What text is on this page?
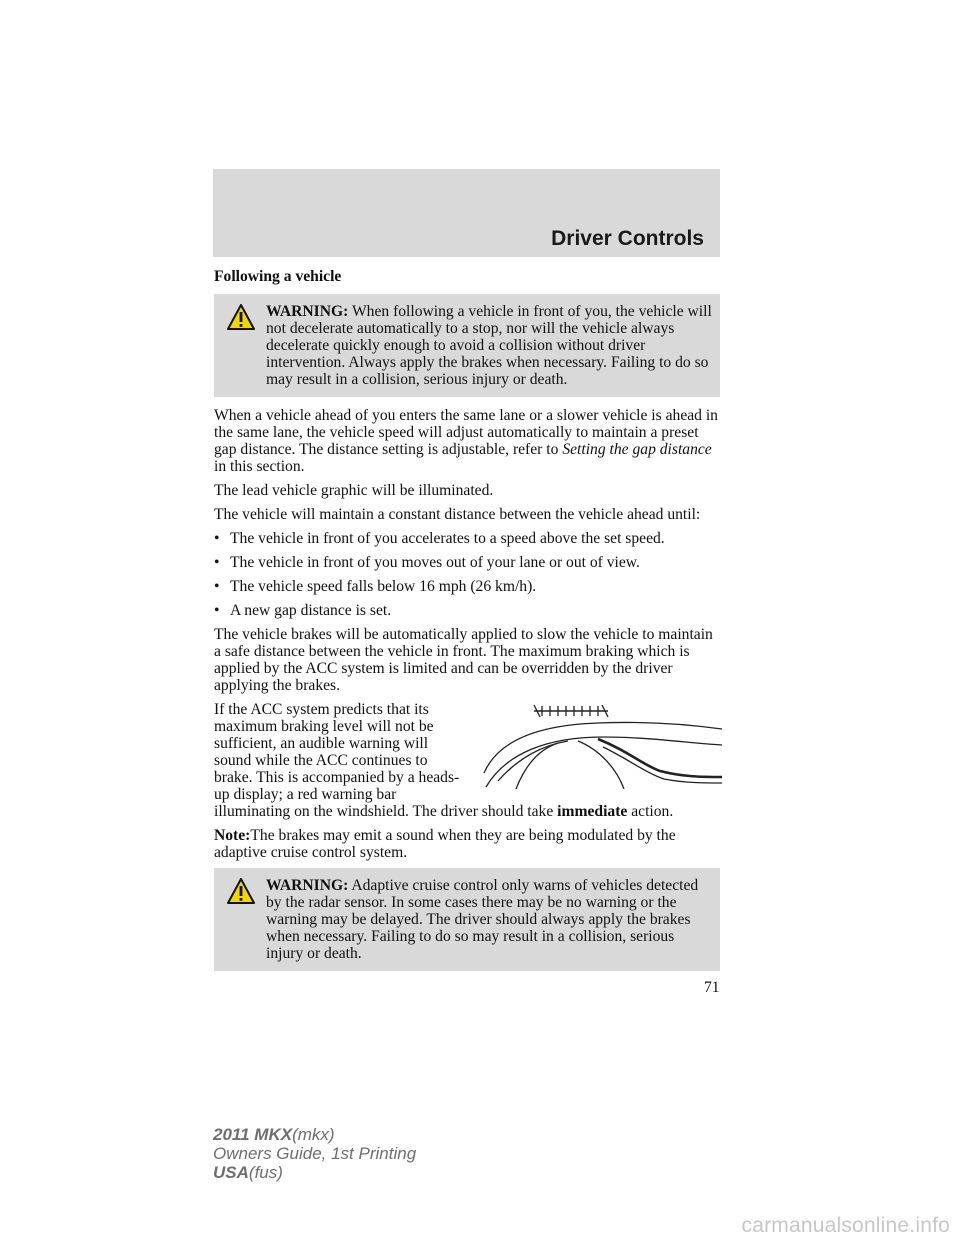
Driver Controls

Following a vehicle

WARNING: When following a vehicle in front of you, the vehicle will not decelerate automatically to a stop, nor will the vehicle always decelerate quickly enough to avoid a collision without driver intervention. Always apply the brakes when necessary. Failing to do so may result in a collision, serious injury or death.

When a vehicle ahead of you enters the same lane or a slower vehicle is ahead in the same lane, the vehicle speed will adjust automatically to maintain a preset gap distance. The distance setting is adjustable, refer to Setting the gap distance in this section.

The lead vehicle graphic will be illuminated.

The vehicle will maintain a constant distance between the vehicle ahead until:

• The vehicle in front of you accelerates to a speed above the set speed.
• The vehicle in front of you moves out of your lane or out of view.
• The vehicle speed falls below 16 mph (26 km/h).
• A new gap distance is set.

The vehicle brakes will be automatically applied to slow the vehicle to maintain a safe distance between the vehicle in front. The maximum braking which is applied by the ACC system is limited and can be overridden by the driver applying the brakes.

If the ACC system predicts that its maximum braking level will not be sufficient, an audible warning will sound while the ACC continues to brake. This is accompanied by a heads-up display; a red warning bar illuminating on the windshield. The driver should take immediate action.

Note:The brakes may emit a sound when they are being modulated by the adaptive cruise control system.

WARNING: Adaptive cruise control only warns of vehicles detected by the radar sensor. In some cases there may be no warning or the warning may be delayed. The driver should always apply the brakes when necessary. Failing to do so may result in a collision, serious injury or death.
71
2011 MKX(mkx)
Owners Guide, 1st Printing
USA(fus)
carmanualsonline.info
